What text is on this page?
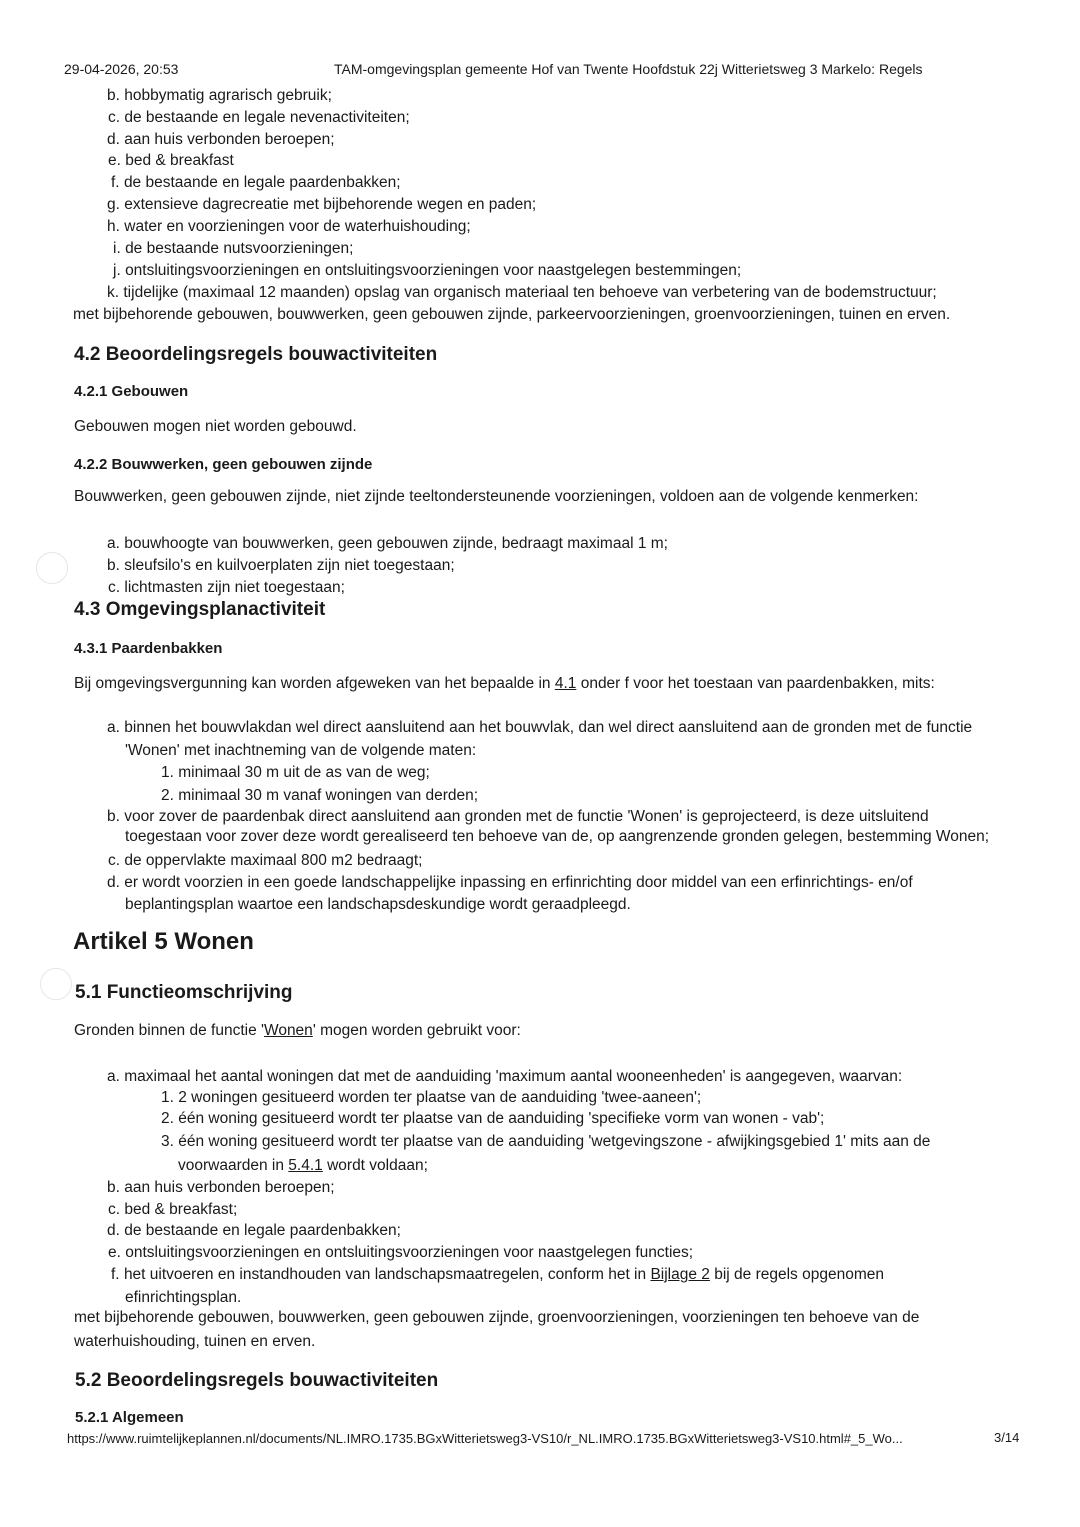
29-04-2026, 20:53	TAM-omgevingsplan gemeente Hof van Twente Hoofdstuk 22j Witterietsweg 3 Markelo: Regels
b. hobbymatig agrarisch gebruik;
c. de bestaande en legale nevenactiviteiten;
d. aan huis verbonden beroepen;
e. bed & breakfast
f. de bestaande en legale paardenbakken;
g. extensieve dagrecreatie met bijbehorende wegen en paden;
h. water en voorzieningen voor de waterhuishouding;
i. de bestaande nutsvoorzieningen;
j. ontsluitingsvoorzieningen en ontsluitingsvoorzieningen voor naastgelegen bestemmingen;
k. tijdelijke (maximaal 12 maanden) opslag van organisch materiaal ten behoeve van verbetering van de bodemstructuur;
met bijbehorende gebouwen, bouwwerken, geen gebouwen zijnde, parkeervoorzieningen, groenvoorzieningen, tuinen en erven.
4.2 Beoordelingsregels bouwactiviteiten
4.2.1 Gebouwen
Gebouwen mogen niet worden gebouwd.
4.2.2 Bouwwerken, geen gebouwen zijnde
Bouwwerken, geen gebouwen zijnde, niet zijnde teeltondersteunende voorzieningen, voldoen aan de volgende kenmerken:
a. bouwhoogte van bouwwerken, geen gebouwen zijnde, bedraagt maximaal 1 m;
b. sleufsilo's en kuilvoerplaten zijn niet toegestaan;
c. lichtmasten zijn niet toegestaan;
4.3 Omgevingsplanactiviteit
4.3.1 Paardenbakken
Bij omgevingsvergunning kan worden afgeweken van het bepaalde in 4.1 onder f voor het toestaan van paardenbakken, mits:
a. binnen het bouwvlakdan wel direct aansluitend aan het bouwvlak, dan wel direct aansluitend aan de gronden met de functie
'Wonen' met inachtneming van de volgende maten:
1. minimaal 30 m uit de as van de weg;
2. minimaal 30 m vanaf woningen van derden;
b. voor zover de paardenbak direct aansluitend aan gronden met de functie 'Wonen' is geprojecteerd, is deze uitsluitend
toegestaan voor zover deze wordt gerealiseerd ten behoeve van de, op aangrenzende gronden gelegen, bestemming Wonen;
c. de oppervlakte maximaal 800 m2 bedraagt;
d. er wordt voorzien in een goede landschappelijke inpassing en erfinrichting door middel van een erfinrichtings- en/of
beplantingsplan waartoe een landschapsdeskundige wordt geraadpleegd.
Artikel 5 Wonen
5.1 Functieomschrijving
Gronden binnen de functie 'Wonen' mogen worden gebruikt voor:
a. maximaal het aantal woningen dat met de aanduiding 'maximum aantal wooneenheden' is aangegeven, waarvan:
1. 2 woningen gesitueerd worden ter plaatse van de aanduiding 'twee-aaneen';
2. één woning gesitueerd wordt ter plaatse van de aanduiding 'specifieke vorm van wonen - vab';
3. één woning gesitueerd wordt ter plaatse van de aanduiding 'wetgevingszone - afwijkingsgebied 1' mits aan de
voorwaarden in 5.4.1 wordt voldaan;
b. aan huis verbonden beroepen;
c. bed & breakfast;
d. de bestaande en legale paardenbakken;
e. ontsluitingsvoorzieningen en ontsluitingsvoorzieningen voor naastgelegen functies;
f. het uitvoeren en instandhouden van landschapsmaatregelen, conform het in Bijlage 2 bij de regels opgenomen
efinrichtingsplan.
met bijbehorende gebouwen, bouwwerken, geen gebouwen zijnde, groenvoorzieningen, voorzieningen ten behoeve van de
waterhuishouding, tuinen en erven.
5.2 Beoordelingsregels bouwactiviteiten
5.2.1 Algemeen
https://www.ruimtelijkeplannen.nl/documents/NL.IMRO.1735.BGxWitterietsweg3-VS10/r_NL.IMRO.1735.BGxWitterietsweg3-VS10.html#_5_Wo...	3/14
